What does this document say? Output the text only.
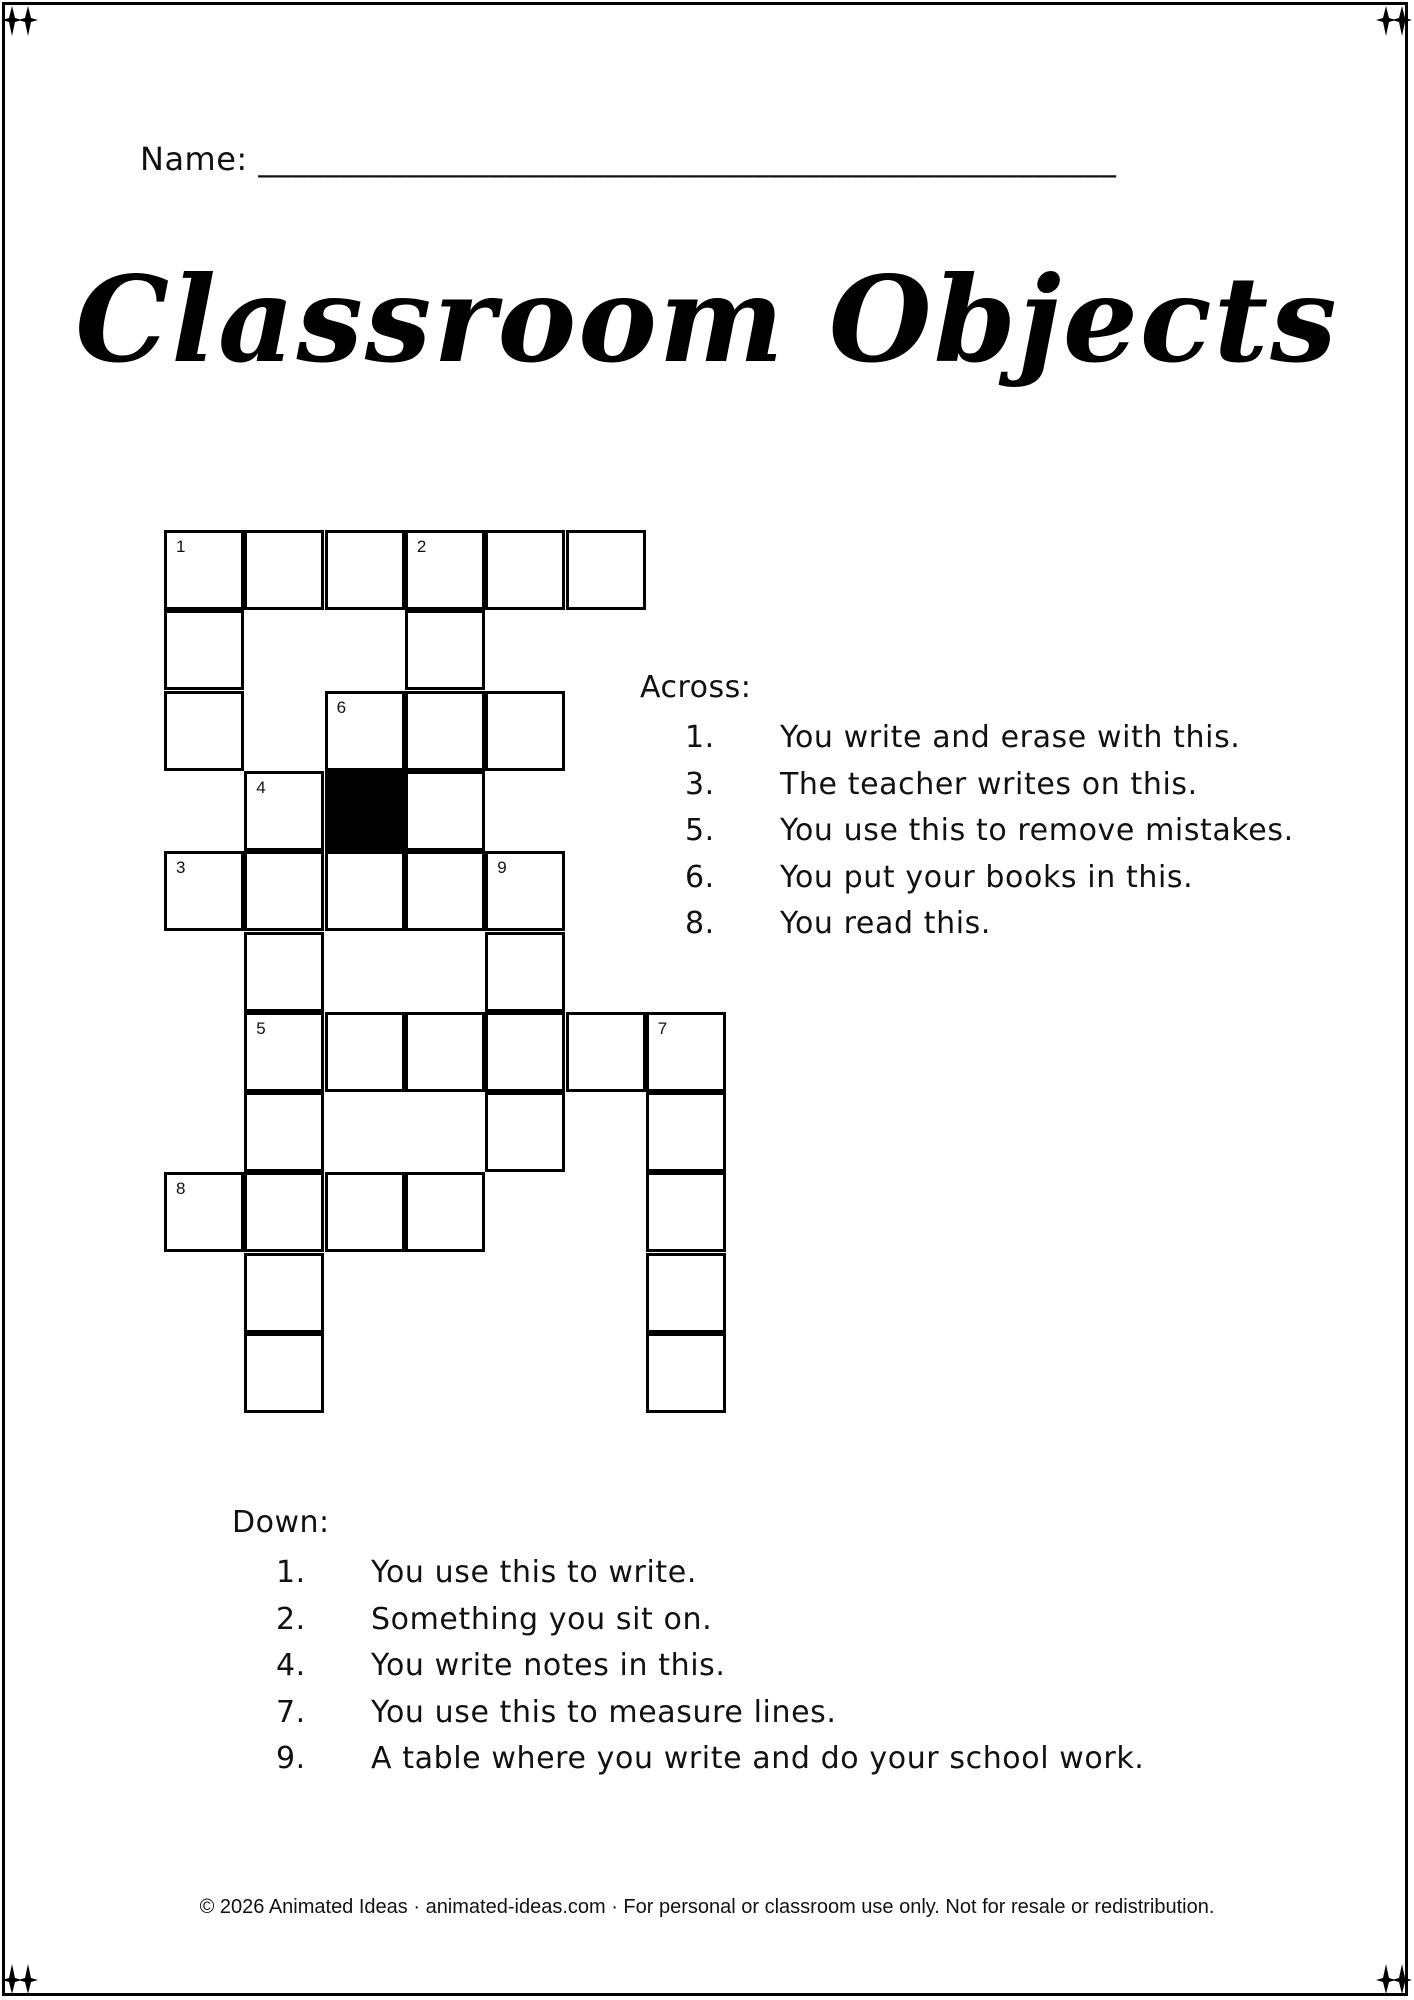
Name: ____________________________________________________
Classroom Objects
1	2
6
4
3	9
5	7
8
Across:
1. You write and erase with this.
3. The teacher writes on this.
5. You use this to remove mistakes.
6. You put your books in this.
8. You read this.
Down:
1. You use this to write.
2. Something you sit on.
4. You write notes in this.
7. You use this to measure lines.
9. A table where you write and do your school work.
© 2026 Animated Ideas · animated-ideas.com · For personal or classroom use only. Not for resale or redistribution.
